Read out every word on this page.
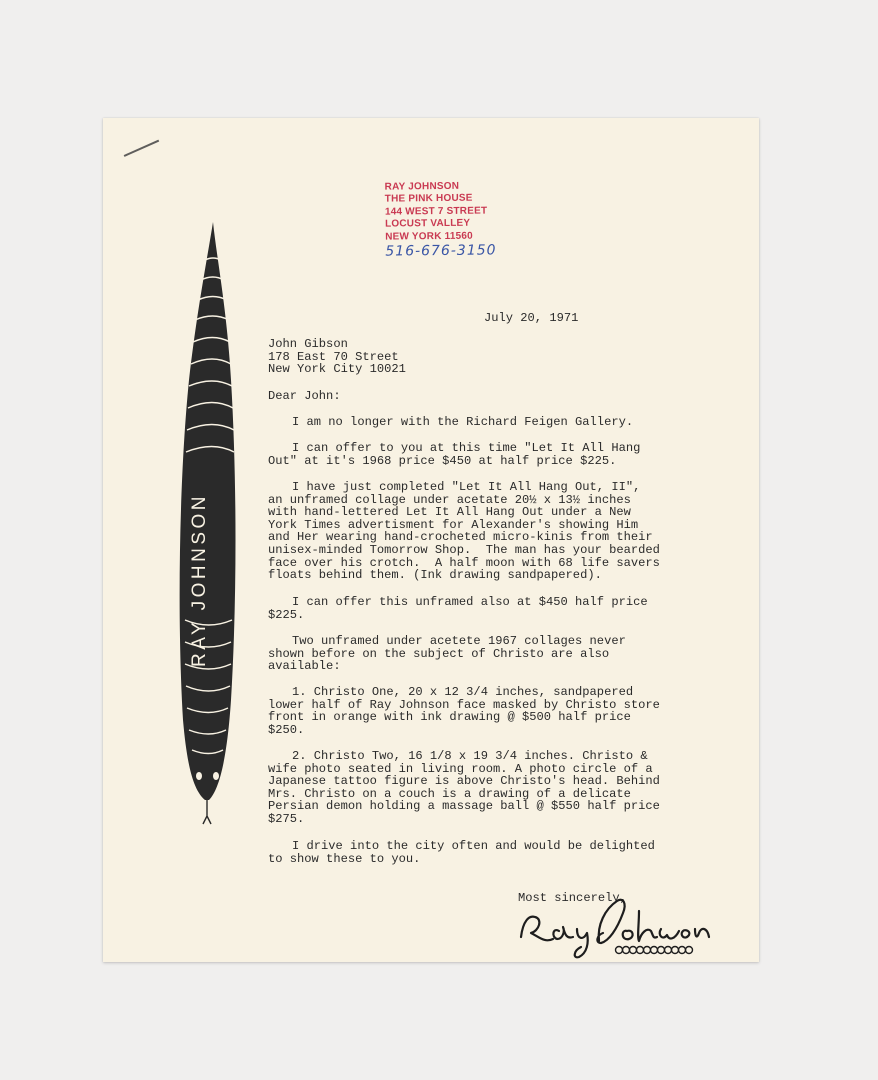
RAY JOHNSON
THE PINK HOUSE
144 WEST 7 STREET
LOCUST VALLEY
NEW YORK 11560
516-676-3150
RAY JOHNSON

July 20, 1971

John Gibson
178 East 70 Street
New York City 10021

Dear John:

I am no longer with the Richard Feigen Gallery.

I can offer to you at this time "Let It All Hang
Out" at it's 1968 price $450 at half price $225.

I have just completed "Let It All Hang Out, II",
an unframed collage under acetate 20½ x 13½ inches
with hand-lettered Let It All Hang Out under a New
York Times advertisment for Alexander's showing Him
and Her wearing hand-crocheted micro-kinis from their
unisex-minded Tomorrow Shop.  The man has your bearded
face over his crotch.  A half moon with 68 life savers
floats behind them. (Ink drawing sandpapered).

I can offer this unframed also at $450 half price
$225.

Two unframed under acetete 1967 collages never
shown before on the subject of Christo are also
available:

1. Christo One, 20 x 12 3/4 inches, sandpapered
lower half of Ray Johnson face masked by Christo store
front in orange with ink drawing @ $500 half price
$250.

2. Christo Two, 16 1/8 x 19 3/4 inches. Christo &
wife photo seated in living room. A photo circle of a
Japanese tattoo figure is above Christo's head. Behind
Mrs. Christo on a couch is a drawing of a delicate
Persian demon holding a massage ball @ $550 half price
$275.

I drive into the city often and would be delighted
to show these to you.

Most sincerely,
